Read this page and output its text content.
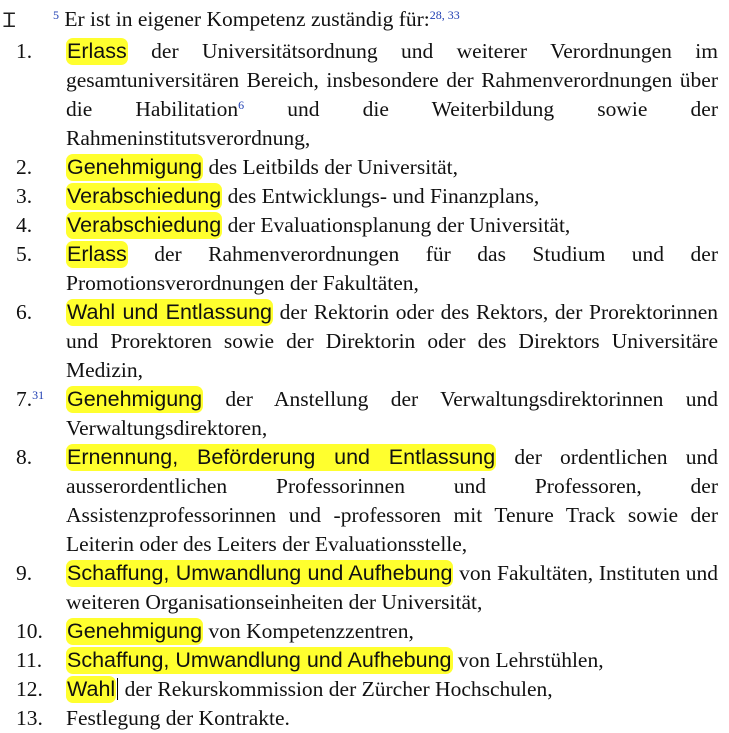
Ꮖ	$^5$ Er ist in eigener Kompetenz zuständig für:$^{28, 33}$
1.	Erlass der Universitätsordnung und weiterer Verordnungen im gesamtuniversitären Bereich, insbesondere der Rahmenverordnungen über die Habilitation$^6$ und die Weiterbildung sowie der Rahmeninstitutsverordnung,
2.	Genehmigung des Leitbilds der Universität,
3.	Verabschiedung des Entwicklungs- und Finanzplans,
4.	Verabschiedung der Evaluationsplanung der Universität,
5.	Erlass der Rahmenverordnungen für das Studium und der Promotionsverordnungen der Fakultäten,
6.	Wahl und Entlassung der Rektorin oder des Rektors, der Prorektorinnen und Prorektoren sowie der Direktorin oder des Direktors Universitäre Medizin,
7.31	Genehmigung der Anstellung der Verwaltungsdirektorinnen und Verwaltungsdirektoren,
8.	Ernennung, Beförderung und Entlassung der ordentlichen und ausserordentlichen Professorinnen und Professoren, der Assistenzprofessorinnen und -professoren mit Tenure Track sowie der Leiterin oder des Leiters der Evaluationsstelle,
9.	Schaffung, Umwandlung und Aufhebung von Fakultäten, Instituten und weiteren Organisationseinheiten der Universität,
10.	Genehmigung von Kompetenzzentren,
11.	Schaffung, Umwandlung und Aufhebung von Lehrstühlen,
12.	Wahl der Rekurskommission der Zürcher Hochschulen,
13.	Festlegung der Kontrakte.
